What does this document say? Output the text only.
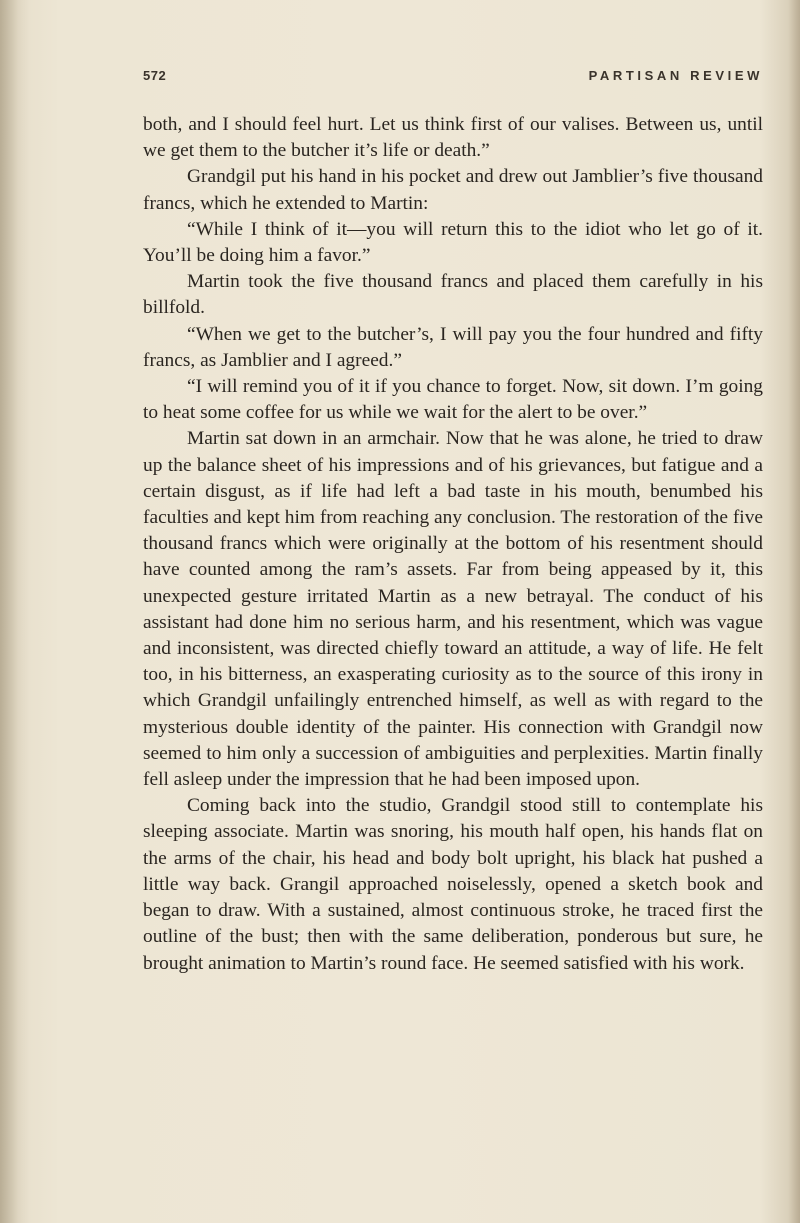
572	PARTISAN REVIEW

both, and I should feel hurt. Let us think first of our valises. Between us, until we get them to the butcher it’s life or death.”

Grandgil put his hand in his pocket and drew out Jamblier’s five thousand francs, which he extended to Martin:

“While I think of it—you will return this to the idiot who let go of it. You’ll be doing him a favor.”

Martin took the five thousand francs and placed them carefully in his billfold.

“When we get to the butcher’s, I will pay you the four hundred and fifty francs, as Jamblier and I agreed.”

“I will remind you of it if you chance to forget. Now, sit down. I’m going to heat some coffee for us while we wait for the alert to be over.”

Martin sat down in an armchair. Now that he was alone, he tried to draw up the balance sheet of his impressions and of his grievances, but fatigue and a certain disgust, as if life had left a bad taste in his mouth, benumbed his faculties and kept him from reaching any conclusion. The restoration of the five thousand francs which were originally at the bottom of his resentment should have counted among the ram’s assets. Far from being appeased by it, this unexpected gesture irritated Martin as a new betrayal. The conduct of his assistant had done him no serious harm, and his resentment, which was vague and inconsistent, was directed chiefly toward an attitude, a way of life. He felt too, in his bitterness, an exasperating curiosity as to the source of this irony in which Grandgil unfailingly entrenched himself, as well as with regard to the mysterious double identity of the painter. His connection with Grandgil now seemed to him only a succession of ambiguities and perplexities. Martin finally fell asleep under the impression that he had been imposed upon.

Coming back into the studio, Grandgil stood still to contemplate his sleeping associate. Martin was snoring, his mouth half open, his hands flat on the arms of the chair, his head and body bolt upright, his black hat pushed a little way back. Grangil approached noiselessly, opened a sketch book and began to draw. With a sustained, almost continuous stroke, he traced first the outline of the bust; then with the same deliberation, ponderous but sure, he brought animation to Martin’s round face. He seemed satisfied with his work.
